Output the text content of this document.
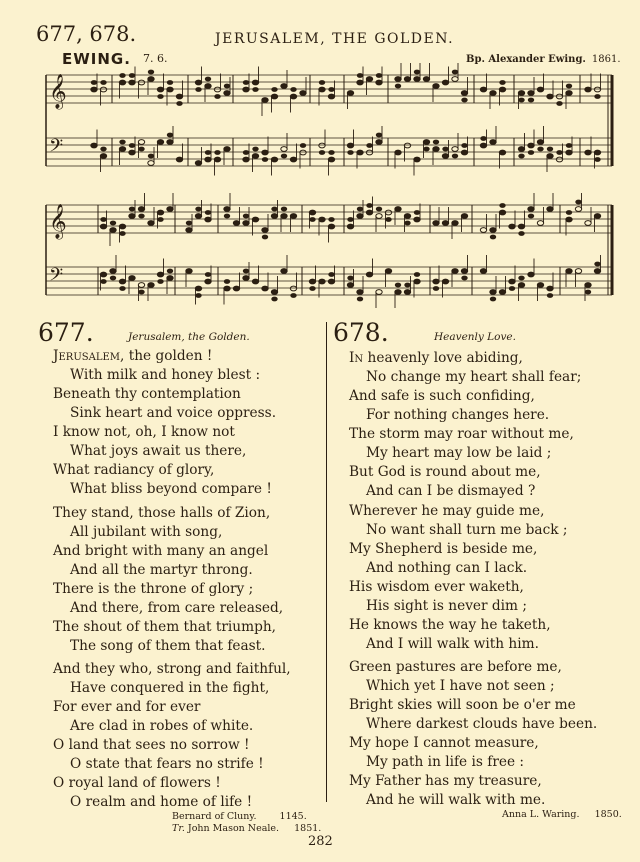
677, 678.	JERUSALEM, THE GOLDEN.
EWING. 7. 6.	Bp. Alexander Ewing. 1861.
𝄞
𝄢
𝄞
𝄢
677.	Jerusalem, the Golden.
Jerusalem, the golden !
With milk and honey blest :
Beneath thy contemplation
Sink heart and voice oppress.
I know not, oh, I know not
What joys await us there,
What radiancy of glory,
What bliss beyond compare !
They stand, those halls of Zion,
All jubilant with song,
And bright with many an angel
And all the martyr throng.
There is the throne of glory ;
And there, from care released,
The shout of them that triumph,
The song of them that feast.
And they who, strong and faithful,
Have conquered in the fight,
For ever and for ever
Are clad in robes of white.
O land that sees no sorrow !
O state that fears no strife !
O royal land of flowers !
O realm and home of life !
678.	Heavenly Love.
In heavenly love abiding,
No change my heart shall fear;
And safe is such confiding,
For nothing changes here.
The storm may roar without me,
My heart may low be laid ;
But God is round about me,
And can I be dismayed ?
Wherever he may guide me,
No want shall turn me back ;
My Shepherd is beside me,
And nothing can I lack.
His wisdom ever waketh,
His sight is never dim ;
He knows the way he taketh,
And I will walk with him.
Green pastures are before me,
Which yet I have not seen ;
Bright skies will soon be o'er me
Where darkest clouds have been.
My hope I cannot measure,
My path in life is free :
My Father has my treasure,
And he will walk with me.
Bernard of Cluny. 1145.
Tr. John Mason Neale. 1851.
Anna L. Waring. 1850.
282
